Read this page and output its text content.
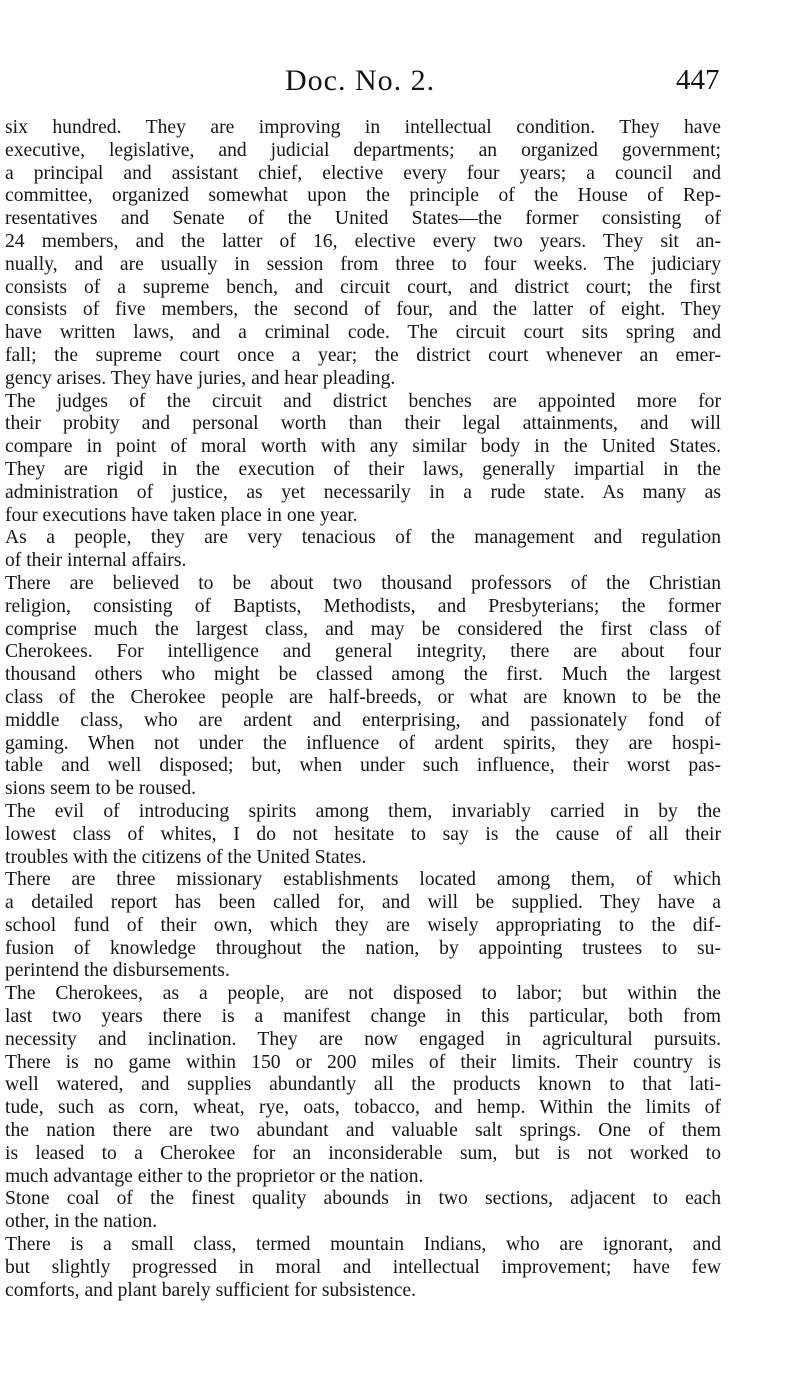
Doc. No. 2.	447
six hundred. They are improving in intellectual condition. They have
executive, legislative, and judicial departments; an organized government;
a principal and assistant chief, elective every four years; a council and
committee, organized somewhat upon the principle of the House of Rep-
resentatives and Senate of the United States—the former consisting of
24 members, and the latter of 16, elective every two years. They sit an-
nually, and are usually in session from three to four weeks. The judiciary
consists of a supreme bench, and circuit court, and district court; the first
consists of five members, the second of four, and the latter of eight. They
have written laws, and a criminal code. The circuit court sits spring and
fall; the supreme court once a year; the district court whenever an emer-
gency arises. They have juries, and hear pleading.
The judges of the circuit and district benches are appointed more for
their probity and personal worth than their legal attainments, and will
compare in point of moral worth with any similar body in the United States.
They are rigid in the execution of their laws, generally impartial in the
administration of justice, as yet necessarily in a rude state. As many as
four executions have taken place in one year.
As a people, they are very tenacious of the management and regulation
of their internal affairs.
There are believed to be about two thousand professors of the Christian
religion, consisting of Baptists, Methodists, and Presbyterians; the former
comprise much the largest class, and may be considered the first class of
Cherokees. For intelligence and general integrity, there are about four
thousand others who might be classed among the first. Much the largest
class of the Cherokee people are half-breeds, or what are known to be the
middle class, who are ardent and enterprising, and passionately fond of
gaming. When not under the influence of ardent spirits, they are hospi-
table and well disposed; but, when under such influence, their worst pas-
sions seem to be roused.
The evil of introducing spirits among them, invariably carried in by the
lowest class of whites, I do not hesitate to say is the cause of all their
troubles with the citizens of the United States.
There are three missionary establishments located among them, of which
a detailed report has been called for, and will be supplied. They have a
school fund of their own, which they are wisely appropriating to the dif-
fusion of knowledge throughout the nation, by appointing trustees to su-
perintend the disbursements.
The Cherokees, as a people, are not disposed to labor; but within the
last two years there is a manifest change in this particular, both from
necessity and inclination. They are now engaged in agricultural pursuits.
There is no game within 150 or 200 miles of their limits. Their country is
well watered, and supplies abundantly all the products known to that lati-
tude, such as corn, wheat, rye, oats, tobacco, and hemp. Within the limits of
the nation there are two abundant and valuable salt springs. One of them
is leased to a Cherokee for an inconsiderable sum, but is not worked to
much advantage either to the proprietor or the nation.
Stone coal of the finest quality abounds in two sections, adjacent to each
other, in the nation.
There is a small class, termed mountain Indians, who are ignorant, and
but slightly progressed in moral and intellectual improvement; have few
comforts, and plant barely sufficient for subsistence.
